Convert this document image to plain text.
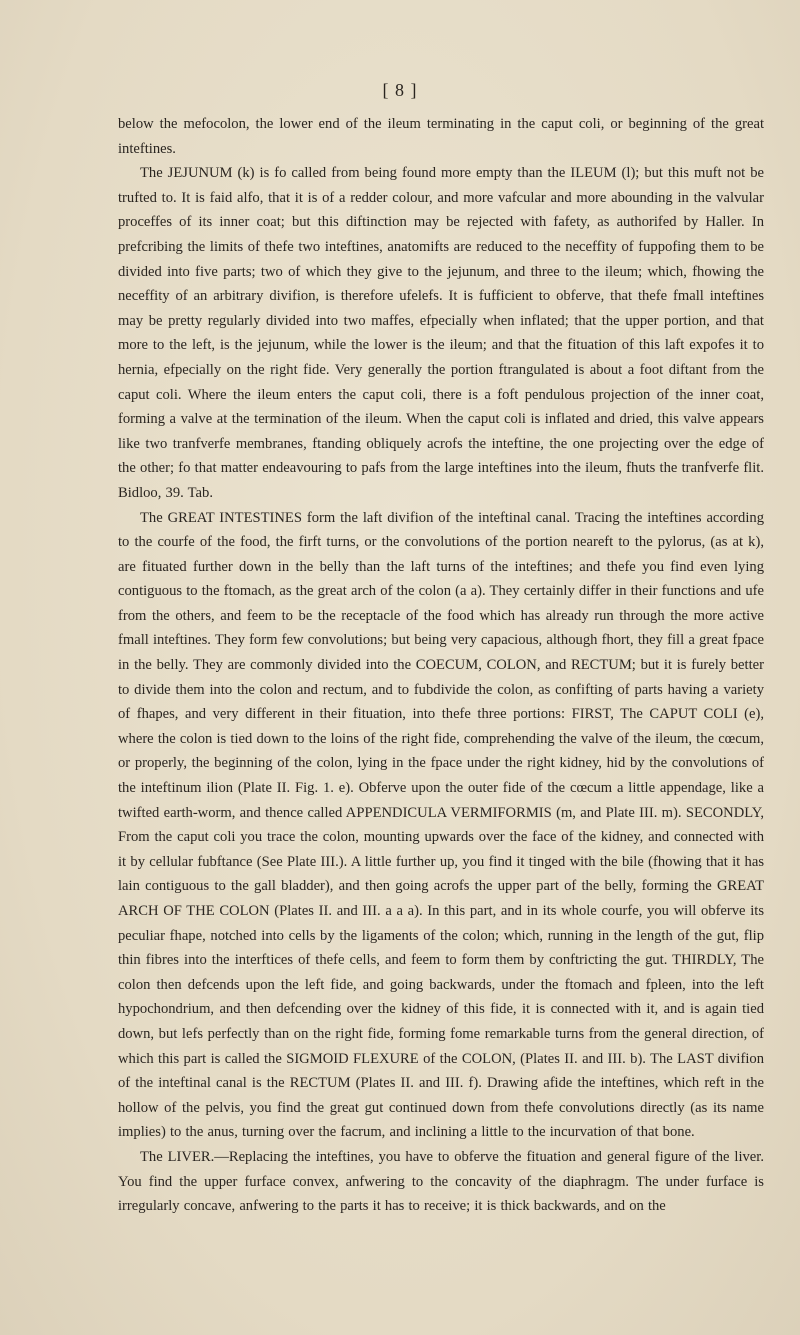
[ 8 ]

below the mefocolon, the lower end of the ileum terminating in the caput coli, or beginning of the great inteftines.

The JEJUNUM (k) is fo called from being found more empty than the ILEUM (l); but this muft not be trufted to. It is faid alfo, that it is of a redder colour, and more vafcular and more abounding in the valvular proceffes of its inner coat; but this diftinction may be rejected with fafety, as authorifed by Haller. In prefcribing the limits of thefe two inteftines, anatomifts are reduced to the neceffity of fuppofing them to be divided into five parts; two of which they give to the jejunum, and three to the ileum; which, fhowing the neceffity of an arbitrary divifion, is therefore ufelefs. It is fufficient to obferve, that thefe fmall inteftines may be pretty regularly divided into two maffes, efpecially when inflated; that the upper portion, and that more to the left, is the jejunum, while the lower is the ileum; and that the fituation of this laft expofes it to hernia, efpecially on the right fide. Very generally the portion ftrangulated is about a foot diftant from the caput coli. Where the ileum enters the caput coli, there is a foft pendulous projection of the inner coat, forming a valve at the termination of the ileum. When the caput coli is inflated and dried, this valve appears like two tranfverfe membranes, ftanding obliquely acrofs the inteftine, the one projecting over the edge of the other; fo that matter endeavouring to pafs from the large inteftines into the ileum, fhuts the tranfverfe flit. Bidloo, 39. Tab.

The GREAT INTESTINES form the laft divifion of the inteftinal canal. Tracing the inteftines according to the courfe of the food, the firft turns, or the convolutions of the portion neareft to the pylorus, (as at k), are fituated further down in the belly than the laft turns of the inteftines; and thefe you find even lying contiguous to the ftomach, as the great arch of the colon (a a). They certainly differ in their functions and ufe from the others, and feem to be the receptacle of the food which has already run through the more active fmall inteftines. They form few convolutions; but being very capacious, although fhort, they fill a great fpace in the belly. They are commonly divided into the COECUM, COLON, and RECTUM; but it is furely better to divide them into the colon and rectum, and to fubdivide the colon, as confifting of parts having a variety of fhapes, and very different in their fituation, into thefe three portions: FIRST, The CAPUT COLI (e), where the colon is tied down to the loins of the right fide, comprehending the valve of the ileum, the cœcum, or properly, the beginning of the colon, lying in the fpace under the right kidney, hid by the convolutions of the inteftinum ilion (Plate II. Fig. 1. e). Obferve upon the outer fide of the cœcum a little appendage, like a twifted earth-worm, and thence called APPENDICULA VERMIFORMIS (m, and Plate III. m). SECONDLY, From the caput coli you trace the colon, mounting upwards over the face of the kidney, and connected with it by cellular fubftance (See Plate III.). A little further up, you find it tinged with the bile (fhowing that it has lain contiguous to the gall bladder), and then going acrofs the upper part of the belly, forming the GREAT ARCH OF THE COLON (Plates II. and III. a a a). In this part, and in its whole courfe, you will obferve its peculiar fhape, notched into cells by the ligaments of the colon; which, running in the length of the gut, flip thin fibres into the interftices of thefe cells, and feem to form them by conftricting the gut. THIRDLY, The colon then defcends upon the left fide, and going backwards, under the ftomach and fpleen, into the left hypochondrium, and then defcending over the kidney of this fide, it is connected with it, and is again tied down, but lefs perfectly than on the right fide, forming fome remarkable turns from the general direction, of which this part is called the SIGMOID FLEXURE of the COLON, (Plates II. and III. b). The LAST divifion of the inteftinal canal is the RECTUM (Plates II. and III. f). Drawing afide the inteftines, which reft in the hollow of the pelvis, you find the great gut continued down from thefe convolutions directly (as its name implies) to the anus, turning over the facrum, and inclining a little to the incurvation of that bone.

The LIVER.—Replacing the inteftines, you have to obferve the fituation and general figure of the liver. You find the upper furface convex, anfwering to the concavity of the diaphragm. The under furface is irregularly concave, anfwering to the parts it has to receive; it is thick backwards, and on the
